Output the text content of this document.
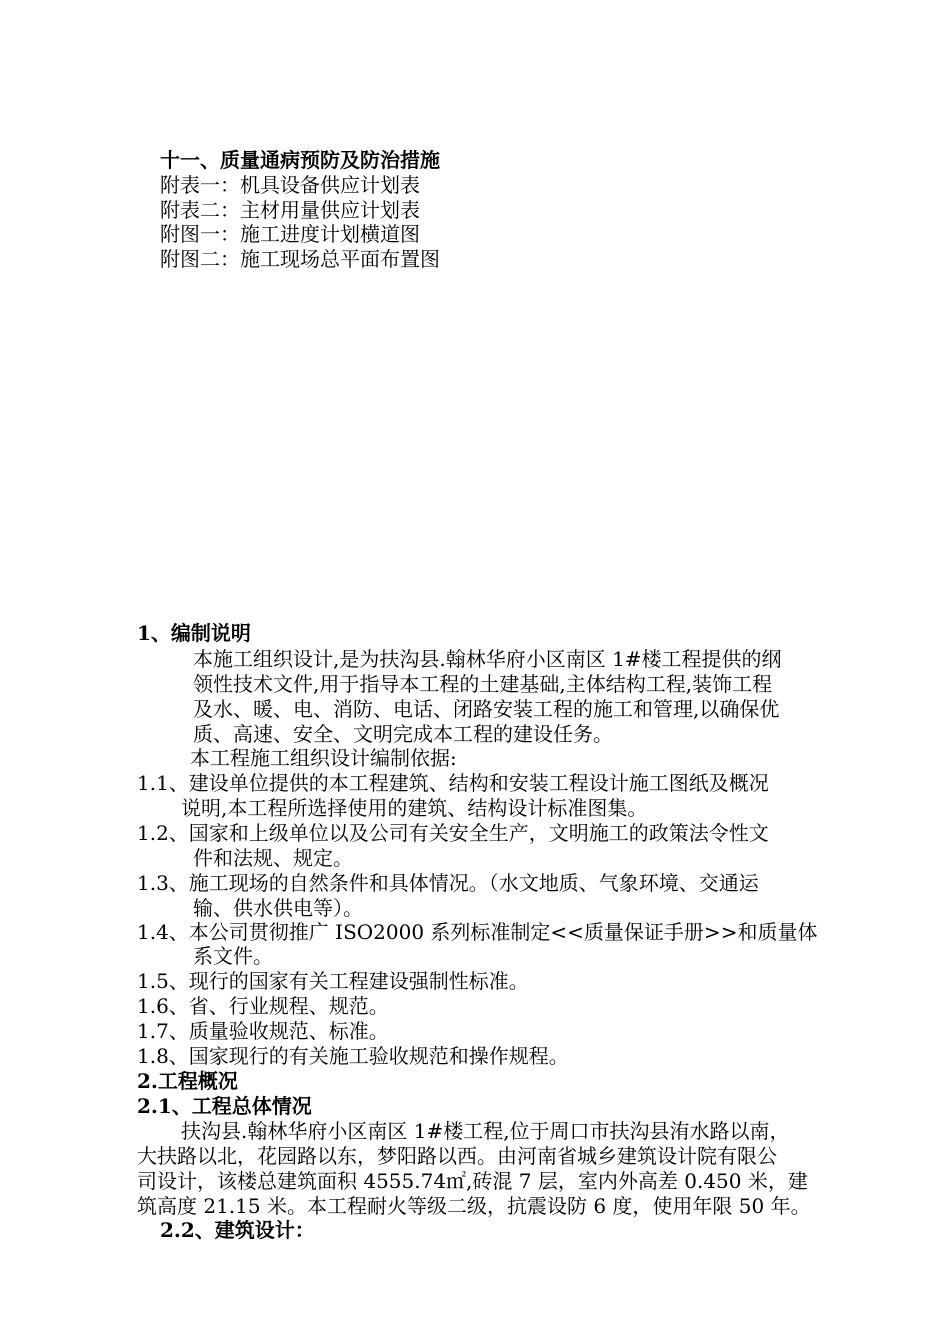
十一、质量通病预防及防治措施
附表一：机具设备供应计划表
附表二：主材用量供应计划表
附图一：施工进度计划横道图
附图二：施工现场总平面布置图
1、编制说明
本施工组织设计,是为扶沟县.翰林华府小区南区 1#楼工程提供的纲
领性技术文件,用于指导本工程的土建基础,主体结构工程,装饰工程
及水、暖、电、消防、电话、闭路安装工程的施工和管理,以确保优
质、高速、安全、文明完成本工程的建设任务。
本工程施工组织设计编制依据:
1.1、建设单位提供的本工程建筑、结构和安装工程设计施工图纸及概况
说明,本工程所选择使用的建筑、结构设计标准图集。
1.2、国家和上级单位以及公司有关安全生产，文明施工的政策法令性文
件和法规、规定。
1.3、施工现场的自然条件和具体情况。（水文地质、气象环境、交通运
输、供水供电等）。
1.4、本公司贯彻推广 ISO2000 系列标准制定<<质量保证手册>>和质量体
系文件。
1.5、现行的国家有关工程建设强制性标准。
1.6、省、行业规程、规范。
1.7、质量验收规范、标准。
1.8、国家现行的有关施工验收规范和操作规程。
2.工程概况
2.1、工程总体情况
扶沟县.翰林华府小区南区 1#楼工程,位于周口市扶沟县洧水路以南，
大扶路以北，花园路以东，梦阳路以西。由河南省城乡建筑设计院有限公
司设计，该楼总建筑面积 4555.74㎡,砖混 7 层，室内外高差 0.450 米，建
筑高度 21.15 米。本工程耐火等级二级，抗震设防 6 度，使用年限 50 年。
2.2、建筑设计：
